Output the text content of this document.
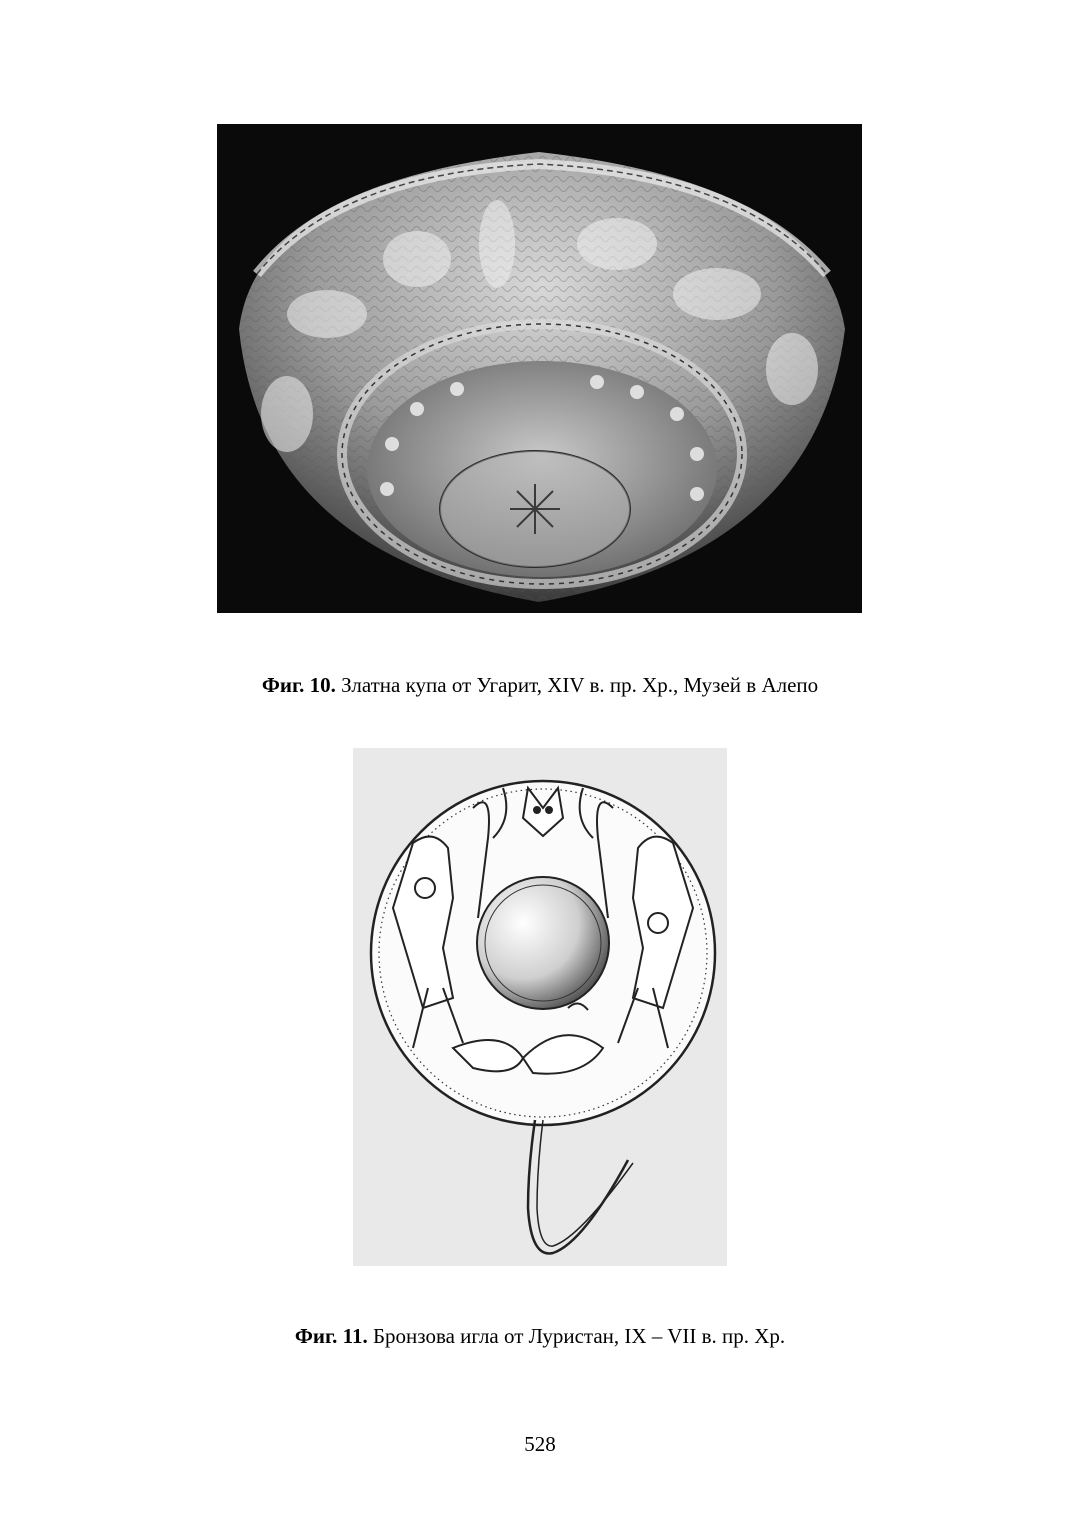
Фиг. 10. Златна купа от Угарит, XIV в. пр. Хр., Музей в Алепо
Фиг. 11. Бронзова игла от Луристан, IX – VII в. пр. Хр.
528
